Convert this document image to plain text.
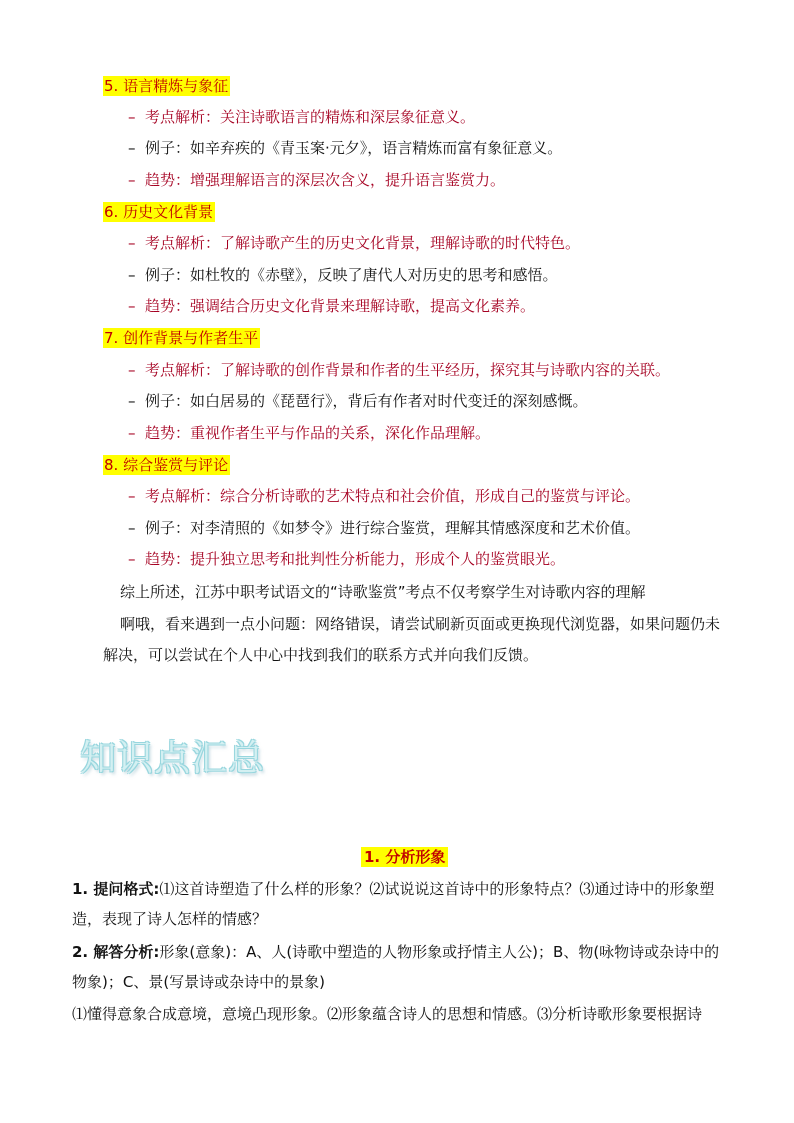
5. 语言精炼与象征
– 考点解析：关注诗歌语言的精炼和深层象征意义。
– 例子：如辛弃疾的《青玉案·元夕》，语言精炼而富有象征意义。
– 趋势：增强理解语言的深层次含义，提升语言鉴赏力。
6. 历史文化背景
– 考点解析：了解诗歌产生的历史文化背景，理解诗歌的时代特色。
– 例子：如杜牧的《赤壁》，反映了唐代人对历史的思考和感悟。
– 趋势：强调结合历史文化背景来理解诗歌，提高文化素养。
7. 创作背景与作者生平
– 考点解析：了解诗歌的创作背景和作者的生平经历，探究其与诗歌内容的关联。
– 例子：如白居易的《琵琶行》，背后有作者对时代变迁的深刻感慨。
– 趋势：重视作者生平与作品的关系，深化作品理解。
8. 综合鉴赏与评论
– 考点解析：综合分析诗歌的艺术特点和社会价值，形成自己的鉴赏与评论。
– 例子：对李清照的《如梦令》进行综合鉴赏，理解其情感深度和艺术价值。
– 趋势：提升独立思考和批判性分析能力，形成个人的鉴赏眼光。
综上所述，江苏中职考试语文的“诗歌鉴赏”考点不仅考察学生对诗歌内容的理解
啊哦，看来遇到一点小问题：网络错误，请尝试刷新页面或更换现代浏览器，如果问题仍未解决，可以尝试在个人中心中找到我们的联系方式并向我们反馈。
知识点汇总
1. 分析形象
1. 提问格式:⑴这首诗塑造了什么样的形象？⑵试说说这首诗中的形象特点？⑶通过诗中的形象塑造，表现了诗人怎样的情感？
2. 解答分析:形象(意象)：A、人(诗歌中塑造的人物形象或抒情主人公)；B、物(咏物诗或杂诗中的物象)；C、景(写景诗或杂诗中的景象)
⑴懂得意象合成意境，意境凸现形象。⑵形象蕴含诗人的思想和情感。⑶分析诗歌形象要根据诗
